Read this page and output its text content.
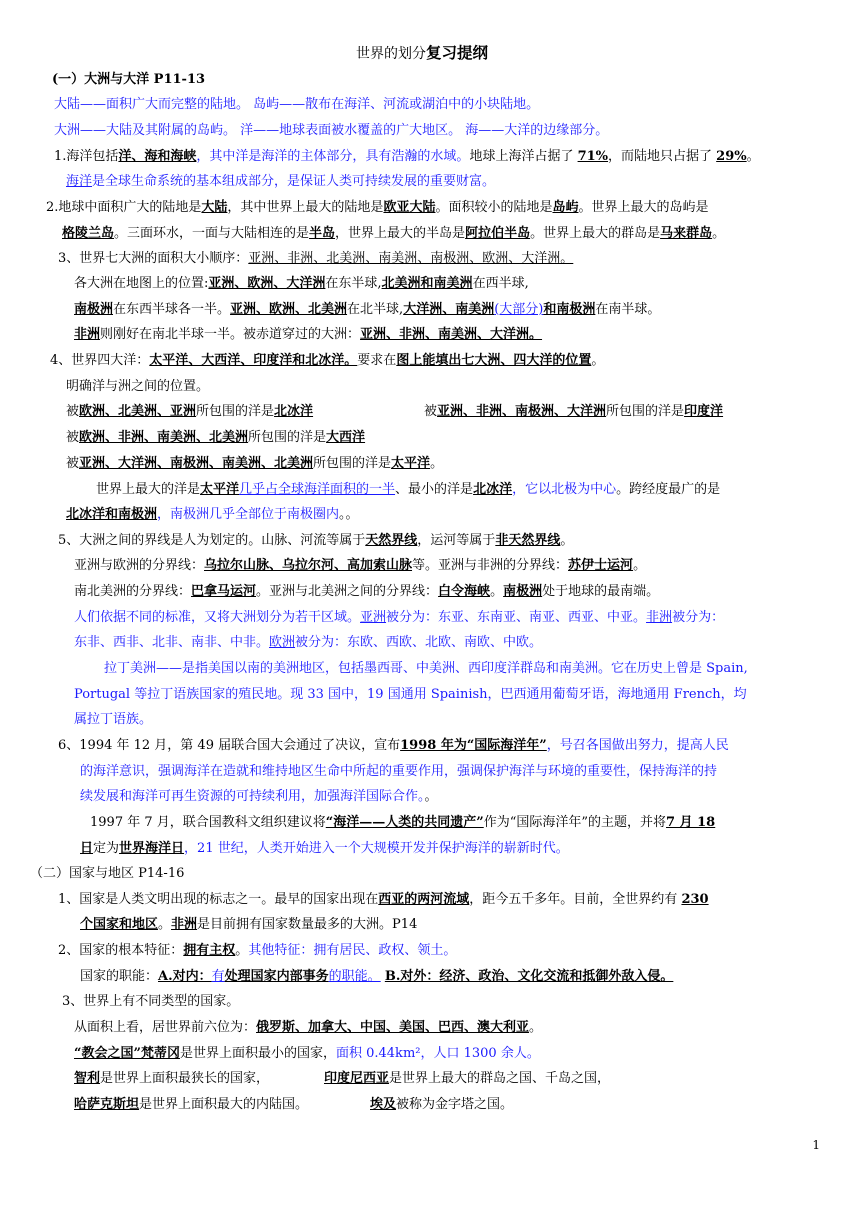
世界的划分复习提纲
(一）大洲与大洋 P11-13
大陆——面积广大而完整的陆地。 岛屿——散布在海洋、河流或湖泊中的小块陆地。
大洲——大陆及其附属的岛屿。 洋——地球表面被水覆盖的广大地区。 海——大洋的边缘部分。
1.海洋包括洋、海和海峡，其中洋是海洋的主体部分，具有浩瀚的水域。地球上海洋占据了 71%，而陆地只占据了 29%。
海洋是全球生命系统的基本组成部分，是保证人类可持续发展的重要财富。
2.地球中面积广大的陆地是大陆，其中世界上最大的陆地是欧亚大陆。面积较小的陆地是岛屿。世界上最大的岛屿是
格陵兰岛。三面环水，一面与大陆相连的是半岛，世界上最大的半岛是阿拉伯半岛。世界上最大的群岛是马来群岛。
3、世界七大洲的面积大小顺序：亚洲、非洲、北美洲、南美洲、南极洲、欧洲、大洋洲。
各大洲在地图上的位置:亚洲、欧洲、大洋洲在东半球,北美洲和南美洲在西半球,
南极洲在东西半球各一半。亚洲、欧洲、北美洲在北半球,大洋洲、南美洲(大部分)和南极洲在南半球。
非洲则刚好在南北半球一半。被赤道穿过的大洲：亚洲、非洲、南美洲、大洋洲。
4、世界四大洋：太平洋、大西洋、印度洋和北冰洋。要求在图上能填出七大洲、四大洋的位置。
明确洋与洲之间的位置。
被欧洲、北美洲、亚洲所包围的洋是北冰洋	被亚洲、非洲、南极洲、大洋洲所包围的洋是印度洋
被欧洲、非洲、南美洲、北美洲所包围的洋是大西洋
被亚洲、大洋洲、南极洲、南美洲、北美洲所包围的洋是太平洋。
世界上最大的洋是太平洋几乎占全球海洋面积的一半、最小的洋是北冰洋，它以北极为中心。跨经度最广的是
北冰洋和南极洲，南极洲几乎全部位于南极圈内。。
5、大洲之间的界线是人为划定的。山脉、河流等属于天然界线，运河等属于非天然界线。
亚洲与欧洲的分界线：乌拉尔山脉、乌拉尔河、高加索山脉等。亚洲与非洲的分界线：苏伊士运河。
南北美洲的分界线：巴拿马运河。亚洲与北美洲之间的分界线：白令海峡。南极洲处于地球的最南端。
人们依据不同的标准，又将大洲划分为若干区域。亚洲被分为：东亚、东南亚、南亚、西亚、中亚。非洲被分为：
东非、西非、北非、南非、中非。欧洲被分为：东欧、西欧、北欧、南欧、中欧。
拉丁美洲——是指美国以南的美洲地区，包括墨西哥、中美洲、西印度洋群岛和南美洲。它在历史上曾是 Spain,
Portugal 等拉丁语族国家的殖民地。现 33 国中，19 国通用 Spainish，巴西通用葡萄牙语，海地通用 French，均
属拉丁语族。
6、1994 年 12 月，第 49 届联合国大会通过了决议，宣布1998 年为“国际海洋年”，号召各国做出努力，提高人民
的海洋意识，强调海洋在造就和维持地区生命中所起的重要作用，强调保护海洋与环境的重要性，保持海洋的持
续发展和海洋可再生资源的可持续利用，加强海洋国际合作。。
1997 年 7 月，联合国教科文组织建议将“海洋——人类的共同遗产”作为“国际海洋年”的主题，并将7 月 18
日定为世界海洋日，21 世纪，人类开始进入一个大规模开发并保护海洋的崭新时代。
（二）国家与地区 P14-16
1、国家是人类文明出现的标志之一。最早的国家出现在西亚的两河流域，距今五千多年。目前，全世界约有 230
个国家和地区。非洲是目前拥有国家数量最多的大洲。P14
2、国家的根本特征：拥有主权。其他特征：拥有居民、政权、领土。
国家的职能：A.对内：有处理国家内部事务的职能。 B.对外：经济、政治、文化交流和抵御外敌入侵。
3、世界上有不同类型的国家。
从面积上看，居世界前六位为：俄罗斯、加拿大、中国、美国、巴西、澳大利亚。
“教会之国”梵蒂冈是世界上面积最小的国家，面积 0.44km²，人口 1300 余人。
智利是世界上面积最狭长的国家，	印度尼西亚是世界上最大的群岛之国、千岛之国，
哈萨克斯坦是世界上面积最大的内陆国。	埃及被称为金字塔之国。
1
